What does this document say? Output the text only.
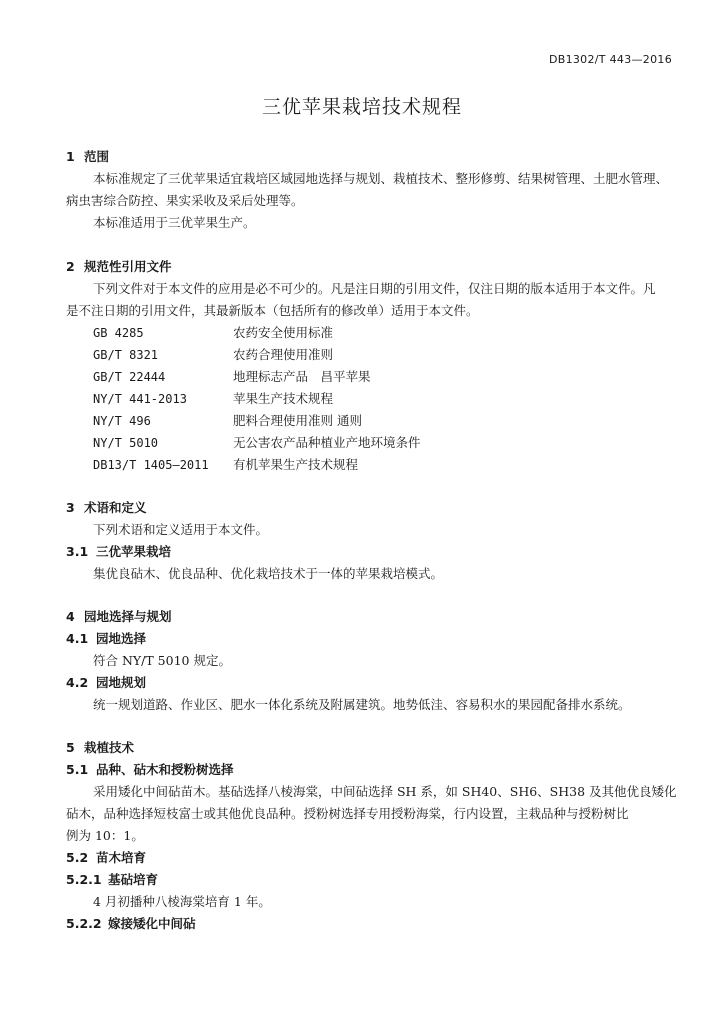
DB1302/T 443—2016
三优苹果栽培技术规程
1 范围
本标准规定了三优苹果适宜栽培区域园地选择与规划、栽植技术、整形修剪、结果树管理、土肥水管理、
病虫害综合防控、果实采收及采后处理等。
本标准适用于三优苹果生产。
2 规范性引用文件
下列文件对于本文件的应用是必不可少的。凡是注日期的引用文件，仅注日期的版本适用于本文件。凡
是不注日期的引用文件，其最新版本（包括所有的修改单）适用于本文件。
GB 4285	农药安全使用标准
GB/T 8321	农药合理使用准则
GB/T 22444	地理标志产品　昌平苹果
NY/T 441-2013	苹果生产技术规程
NY/T 496	肥料合理使用准则 通则
NY/T 5010	无公害农产品种植业产地环境条件
DB13/T 1405—2011 有机苹果生产技术规程
3 术语和定义
下列术语和定义适用于本文件。
3.1 三优苹果栽培
集优良砧木、优良品种、优化栽培技术于一体的苹果栽培模式。
4 园地选择与规划
4.1 园地选择
符合 NY/T 5010 规定。
4.2 园地规划
统一规划道路、作业区、肥水一体化系统及附属建筑。地势低洼、容易积水的果园配备排水系统。
5 栽植技术
5.1 品种、砧木和授粉树选择
采用矮化中间砧苗木。基砧选择八棱海棠，中间砧选择 SH 系，如 SH40、SH6、SH38 及其他优良矮化
砧木，品种选择短枝富士或其他优良品种。授粉树选择专用授粉海棠，行内设置，主栽品种与授粉树比
例为 10：1。
5.2 苗木培育
5.2.1 基砧培育
4 月初播种八棱海棠培育 1 年。
5.2.2 嫁接矮化中间砧
